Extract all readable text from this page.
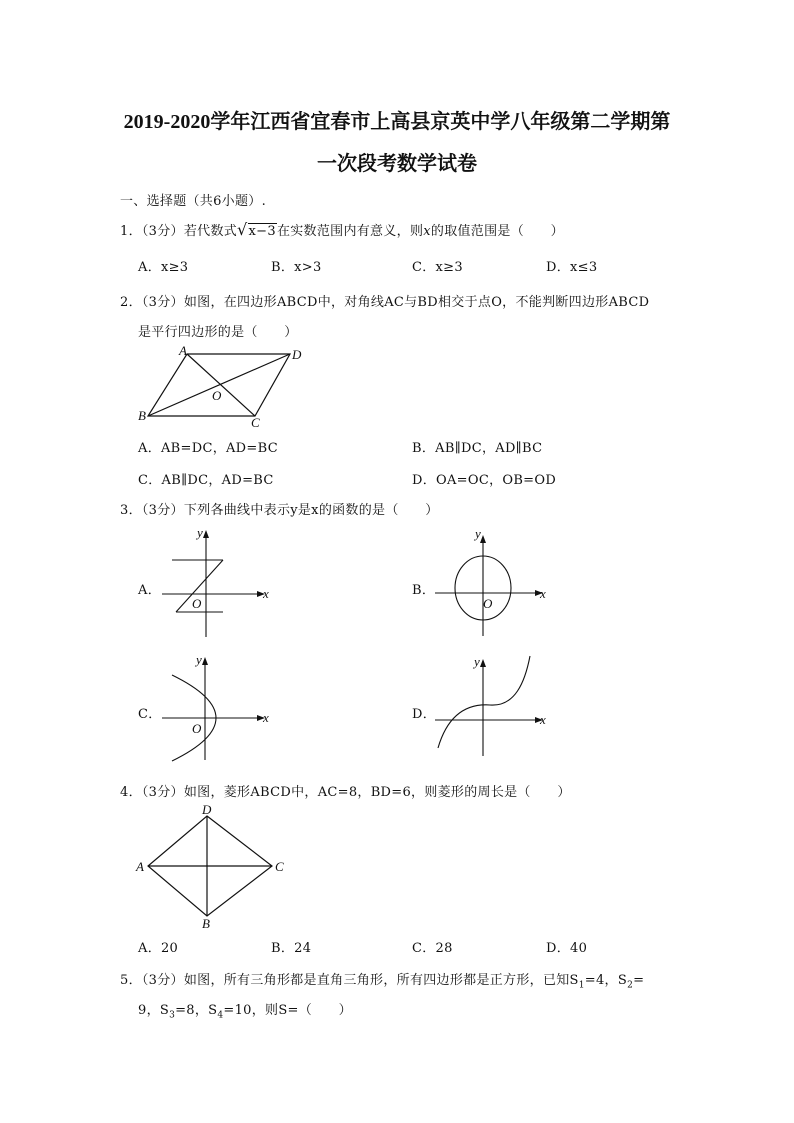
2019-2020学年江西省宜春市上高县京英中学八年级第二学期第
一次段考数学试卷
一、选择题（共6小题）.
1．（3分）若代数式√x−3在实数范围内有意义，则x的取值范围是（　　）
A．x≥3	B．x>3	C．x≥3	D．x≤3
2．（3分）如图，在四边形ABCD中，对角线AC与BD相交于点O，不能判断四边形ABCD
是平行四边形的是（　　）
A	D
B	C
O
A．AB=DC，AD=BC	B．AB∥DC，AD∥BC
C．AB∥DC，AD=BC	D．OA=OC，OB=OD
3．（3分）下列各曲线中表示y是x的函数的是（　　）
A．
y
x
O
B．
y
x
O
C．
y
x
O
D．
y
x
4．（3分）如图，菱形ABCD中，AC=8，BD=6，则菱形的周长是（　　）
D
A	C
B
A．20	B．24	C．28	D．40
5．（3分）如图，所有三角形都是直角三角形，所有四边形都是正方形，已知$S_1=4$，$S_2=$
9，$S_3=8$，$S_4=10$，则S=（　　）
